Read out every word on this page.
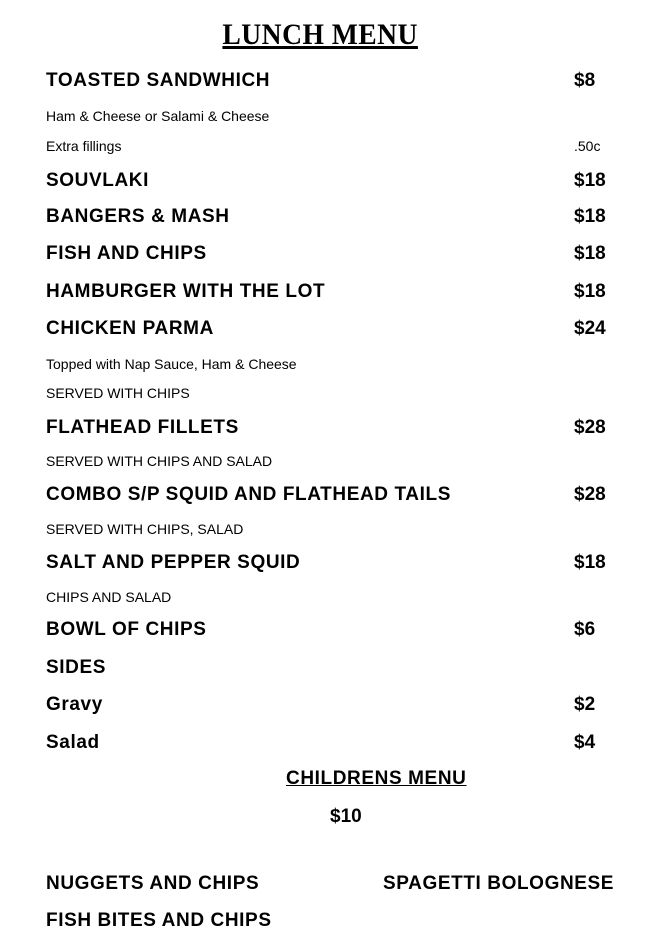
LUNCH MENU
TOASTED SANDWHICH	$8
Ham & Cheese or Salami & Cheese
Extra fillings	.50c
SOUVLAKI	$18
BANGERS & MASH	$18
FISH AND CHIPS	$18
HAMBURGER WITH THE LOT	$18
CHICKEN PARMA	$24
Topped with Nap Sauce, Ham & Cheese
SERVED WITH CHIPS
FLATHEAD FILLETS	$28
SERVED WITH CHIPS AND SALAD
COMBO S/P SQUID AND FLATHEAD TAILS	$28
SERVED WITH CHIPS, SALAD
SALT AND PEPPER SQUID	$18
CHIPS AND SALAD
BOWL OF CHIPS	$6
SIDES
Gravy	$2
Salad	$4
CHILDRENS MENU
$10
NUGGETS AND CHIPS	SPAGETTI BOLOGNESE
FISH BITES AND CHIPS
